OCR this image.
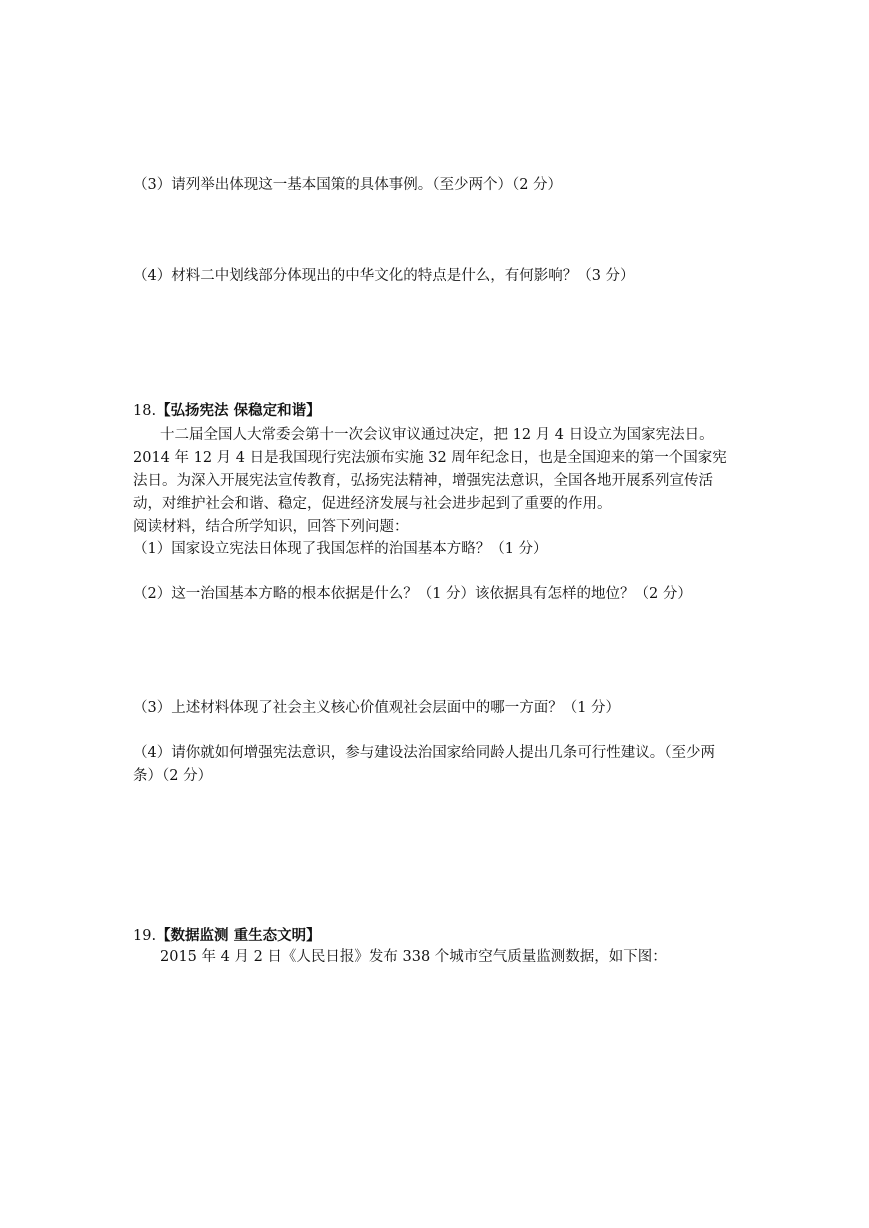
（3）请列举出体现这一基本国策的具体事例。（至少两个）（2 分）
（4）材料二中划线部分体现出的中华文化的特点是什么，有何影响？（3 分）
18.【弘扬宪法 保稳定和谐】
十二届全国人大常委会第十一次会议审议通过决定，把 12 月 4 日设立为国家宪法日。
2014 年 12 月 4 日是我国现行宪法颁布实施 32 周年纪念日，也是全国迎来的第一个国家宪
法日。为深入开展宪法宣传教育，弘扬宪法精神，增强宪法意识，全国各地开展系列宣传活
动，对维护社会和谐、稳定，促进经济发展与社会进步起到了重要的作用。
阅读材料，结合所学知识，回答下列问题：
（1）国家设立宪法日体现了我国怎样的治国基本方略？（1 分）
（2）这一治国基本方略的根本依据是什么？（1 分）该依据具有怎样的地位？（2 分）
（3）上述材料体现了社会主义核心价值观社会层面中的哪一方面？（1 分）
（4）请你就如何增强宪法意识，参与建设法治国家给同龄人提出几条可行性建议。（至少两
条）（2 分）
19.【数据监测 重生态文明】
2015 年 4 月 2 日《人民日报》发布 338 个城市空气质量监测数据，如下图：
